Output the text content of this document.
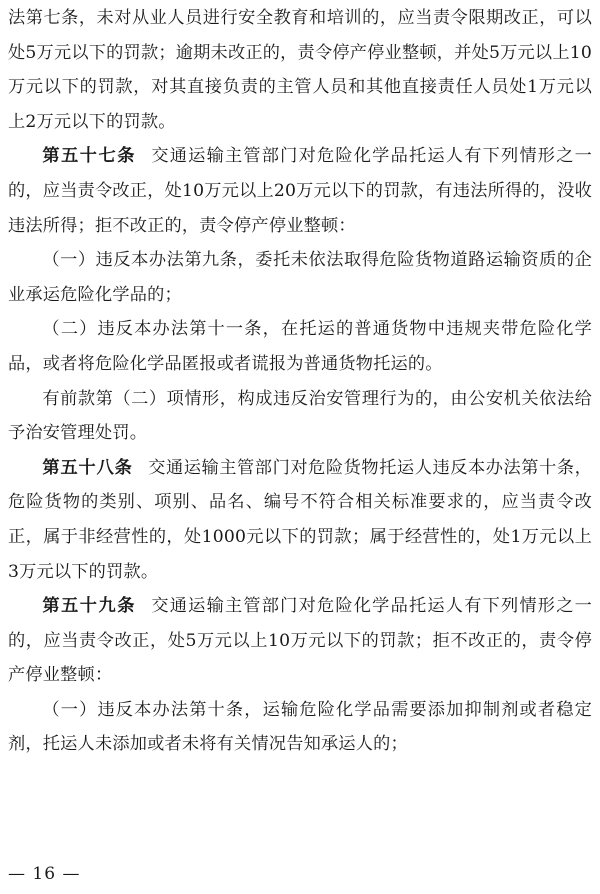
法第七条，未对从业人员进行安全教育和培训的，应当责令限期改正，可以处5万元以下的罚款；逾期未改正的，责令停产停业整顿，并处5万元以上10万元以下的罚款，对其直接负责的主管人员和其他直接责任人员处1万元以上2万元以下的罚款。

第五十七条 交通运输主管部门对危险化学品托运人有下列情形之一的，应当责令改正，处10万元以上20万元以下的罚款，有违法所得的，没收违法所得；拒不改正的，责令停产停业整顿：

（一）违反本办法第九条，委托未依法取得危险货物道路运输资质的企业承运危险化学品的；

（二）违反本办法第十一条，在托运的普通货物中违规夹带危险化学品，或者将危险化学品匿报或者谎报为普通货物托运的。

有前款第（二）项情形，构成违反治安管理行为的，由公安机关依法给予治安管理处罚。

第五十八条 交通运输主管部门对危险货物托运人违反本办法第十条，危险货物的类别、项别、品名、编号不符合相关标准要求的，应当责令改正，属于非经营性的，处1000元以下的罚款；属于经营性的，处1万元以上3万元以下的罚款。

第五十九条 交通运输主管部门对危险化学品托运人有下列情形之一的，应当责令改正，处5万元以上10万元以下的罚款；拒不改正的，责令停产停业整顿：

（一）违反本办法第十条，运输危险化学品需要添加抑制剂或者稳定剂，托运人未添加或者未将有关情况告知承运人的；

— 16 —
